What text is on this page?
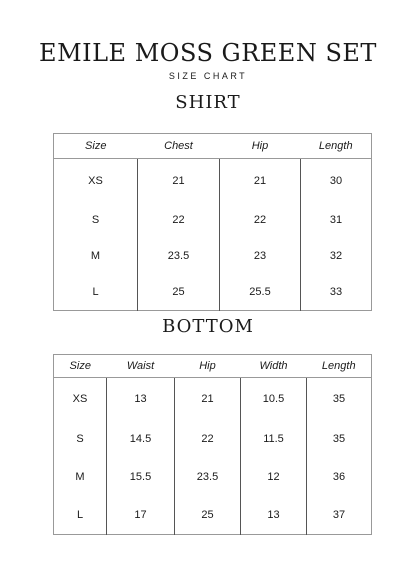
EMILE MOSS GREEN SET
SIZE CHART
SHIRT
Size	Chest	Hip	Length
XS	21	21	30
S	22	22	31
M	23.5	23	32
L	25	25.5	33
BOTTOM
Size	Waist	Hip	Width	Length
XS	13	21	10.5	35
S	14.5	22	11.5	35
M	15.5	23.5	12	36
L	17	25	13	37
